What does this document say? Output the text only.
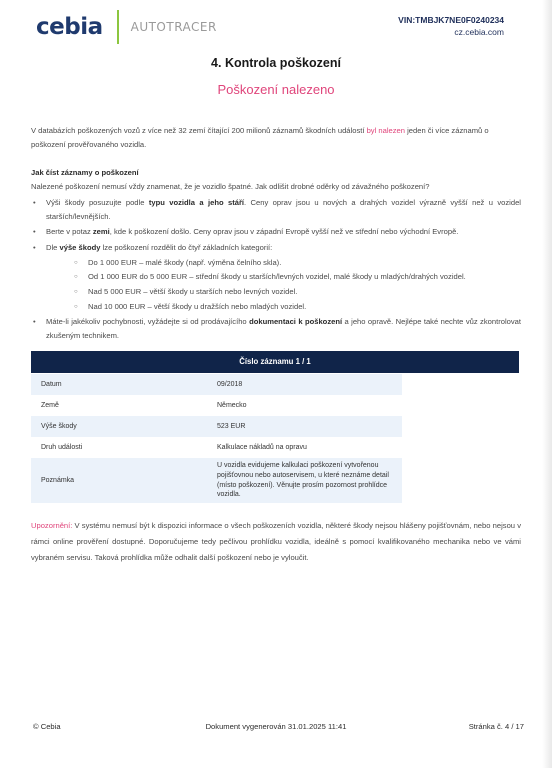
cebia AUTOTRACER	VIN:TMBJK7NE0F0240234
cz.cebia.com
4. Kontrola poškození
Poškození nalezeno
V databázích poškozených vozů z více než 32 zemí čítající 200 milionů záznamů škodních událostí byl nalezen jeden či více záznamů o poškození prověřovaného vozidla.
Jak číst záznamy o poškození
Nalezené poškození nemusí vždy znamenat, že je vozidlo špatné. Jak odlišit drobné oděrky od závažného poškození?
• Výši škody posuzujte podle typu vozidla a jeho stáří. Ceny oprav jsou u nových a drahých vozidel výrazně vyšší než u vozidel starších/levnějších.
• Berte v potaz zemi, kde k poškození došlo. Ceny oprav jsou v západní Evropě vyšší než ve střední nebo východní Evropě.
• Dle výše škody lze poškození rozdělit do čtyř základních kategorií:
○ Do 1 000 EUR – malé škody (např. výměna čelního skla).
○ Od 1 000 EUR do 5 000 EUR – střední škody u starších/levných vozidel, malé škody u mladých/drahých vozidel.
○ Nad 5 000 EUR – větší škody u starších nebo levných vozidel.
○ Nad 10 000 EUR – větší škody u dražších nebo mladých vozidel.
• Máte-li jakékoliv pochybnosti, vyžádejte si od prodávajícího dokumentaci k poškození a jeho opravě. Nejlépe také nechte vůz zkontrolovat zkušeným technikem.
Číslo záznamu 1 / 1
Datum	09/2018
Země	Německo
Výše škody	523 EUR
Druh události	Kalkulace nákladů na opravu
Poznámka
U vozidla evidujeme kalkulaci poškození vytvořenou pojišťovnou nebo autoservisem, u které neznáme detail (místo poškození). Věnujte prosím pozornost prohlídce vozidla.
Upozornění: V systému nemusí být k dispozici informace o všech poškozeních vozidla, některé škody nejsou hlášeny pojišťovnám, nebo nejsou v rámci online prověření dostupné. Doporučujeme tedy pečlivou prohlídku vozidla, ideálně s pomocí kvalifikovaného mechanika nebo ve vámi vybraném servisu. Taková prohlídka může odhalit další poškození nebo je vyloučit.
© Cebia	Dokument vygenerován 31.01.2025 11:41	Stránka č. 4 / 17
